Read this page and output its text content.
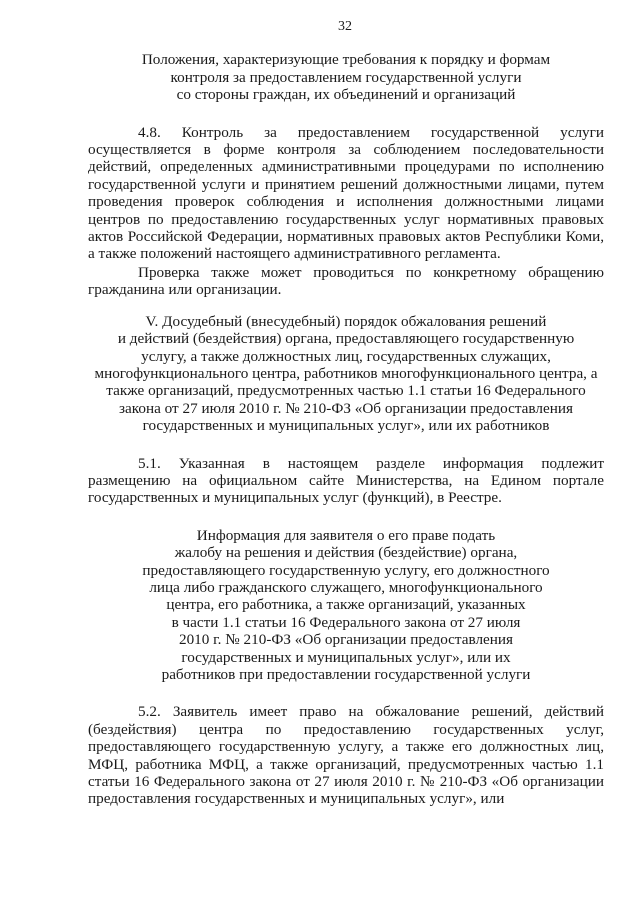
32
Положения, характеризующие требования к порядку и формам
контроля за предоставлением государственной услуги
со стороны граждан, их объединений и организаций

4.8. Контроль за предоставлением государственной услуги осуществляется в форме контроля за соблюдением последовательности действий, определенных административными процедурами по исполнению государственной услуги и принятием решений должностными лицами, путем проведения проверок соблюдения и исполнения должностными лицами центров по предоставлению государственных услуг нормативных правовых актов Российской Федерации, нормативных правовых актов Республики Коми, а также положений настоящего административного регламента.

Проверка также может проводиться по конкретному обращению гражданина или организации.

V. Досудебный (внесудебный) порядок обжалования решений
и действий (бездействия) органа, предоставляющего государственную
услугу, а также должностных лиц, государственных служащих,
многофункционального центра, работников многофункционального центра, а
также организаций, предусмотренных частью 1.1 статьи 16 Федерального
закона от 27 июля 2010 г. № 210-ФЗ «Об организации предоставления
государственных и муниципальных услуг», или их работников

5.1. Указанная в настоящем разделе информация подлежит размещению на официальном сайте Министерства, на Едином портале государственных и муниципальных услуг (функций), в Реестре.

Информация для заявителя о его праве подать
жалобу на решения и действия (бездействие) органа,
предоставляющего государственную услугу, его должностного
лица либо гражданского служащего, многофункционального
центра, его работника, а также организаций, указанных
в части 1.1 статьи 16 Федерального закона от 27 июля
2010 г. № 210-ФЗ «Об организации предоставления
государственных и муниципальных услуг», или их
работников при предоставлении государственной услуги

5.2. Заявитель имеет право на обжалование решений, действий (бездействия) центра по предоставлению государственных услуг, предоставляющего государственную услугу, а также его должностных лиц, МФЦ, работника МФЦ, а также организаций, предусмотренных частью 1.1 статьи 16 Федерального закона от 27 июля 2010 г. № 210-ФЗ «Об организации предоставления государственных и муниципальных услуг», или
